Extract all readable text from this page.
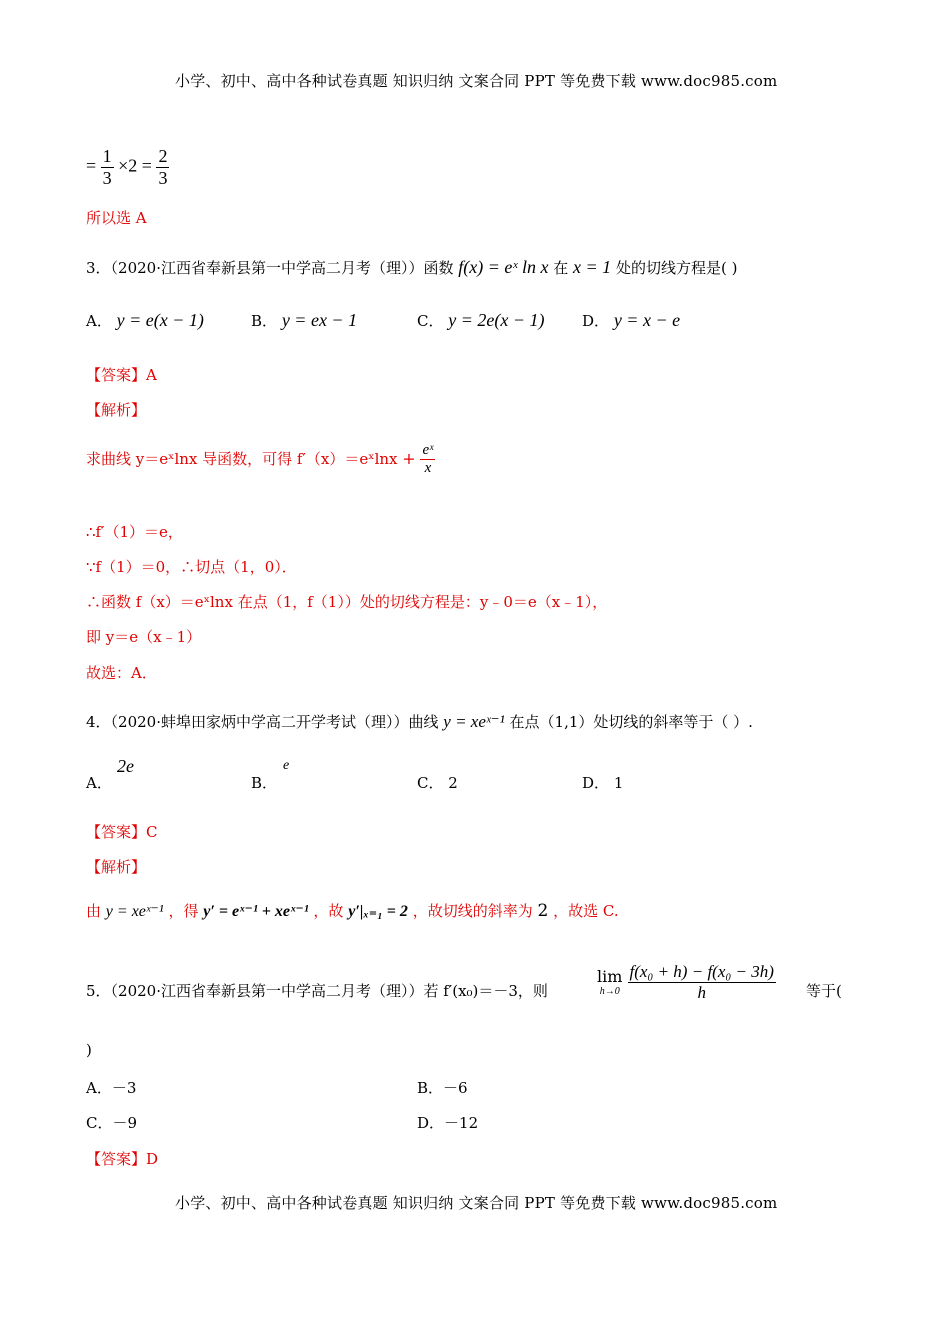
小学、初中、高中各种试卷真题 知识归纳 文案合同 PPT 等免费下载 www.doc985.com
= $\frac{1}{3} \times 2 = \frac{2}{3}$
所以选 A
3．（2020·江西省奉新县第一中学高二月考（理））函数 f(x) = eˣ ln x 在 x = 1 处的切线方程是( )
A． y = e(x − 1)	B． y = ex − 1	C． y = 2e(x − 1) D． y = x − e
【答案】A
【解析】
求曲线 y＝eˣlnx 导函数，可得 f′（x）＝eˣlnx + $\frac{\text{eˣ}}{x}$
∴f′（1）＝e，
∵f（1）＝0，∴切点（1，0）．
∴函数 f（x）＝eˣlnx 在点（1，f（1））处的切线方程是：y﹣0＝e（x﹣1），
即 y＝e（x﹣1）
故选：A．
4．（2020·蚌埠田家炳中学高二开学考试（理））曲线 y = xeˣ⁻¹ 在点（1,1）处切线的斜率等于（ ）.
A．
2e
B．
e
C． 2	D． 1
【答案】C
【解析】
由 y = xeˣ⁻¹ ，得 y′ = eˣ⁻¹ + xeˣ⁻¹ ，故 y′|ₓ₌₁ = 2 ，故切线的斜率为 2 ，故选 C.
5．（2020·江西省奉新县第一中学高二月考（理））若 f′(x₀)＝－3，则
lim
h→0
$\frac{\text{f(x₀ + h) − f(x₀ − 3h)}}{h}$ 等于(
)
A．－3	B．－6
C．－9	D．－12
【答案】D
小学、初中、高中各种试卷真题 知识归纳 文案合同 PPT 等免费下载 www.doc985.com
